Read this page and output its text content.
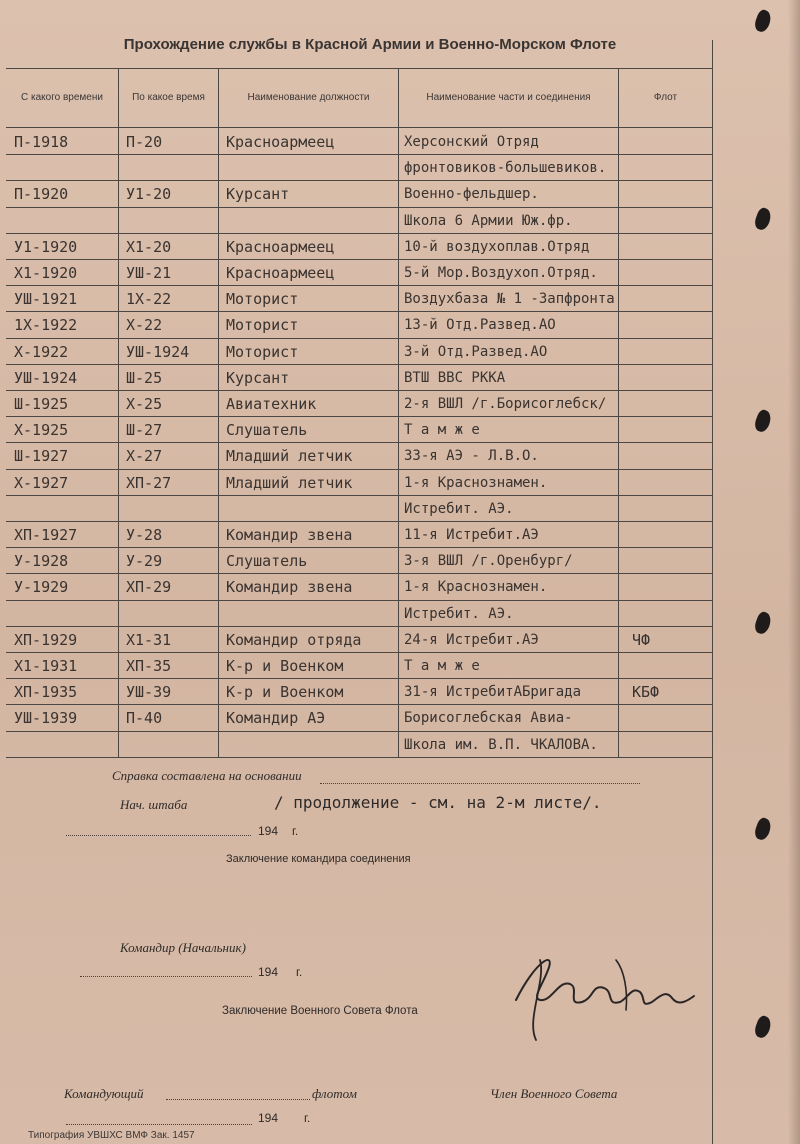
Прохождение службы в Красной Армии и Военно-Морском Флоте
С какого времени	По какое время	Наименование должности	Наименование части и соединения	Флот
П-1918	П-20	Красноармеец	Херсонский Отряд
фронтовиков-большевиков.
П-1920	У1-20	Курсант	Военно-фельдшер.
Школа 6 Армии Юж.фр.
У1-1920	Х1-20	Красноармеец	10-й воздухоплав.Отряд
Х1-1920	УШ-21	Красноармеец	5-й Мор.Воздухоп.Отряд.
УШ-1921	1Х-22	Моторист	Воздухбаза № 1 -Запфронта
1Х-1922	Х-22	Моторист	13-й Отд.Развед.АО
Х-1922	УШ-1924	Моторист	3-й Отд.Развед.АО
УШ-1924	Ш-25	Курсант	ВТШ ВВС РККА
Ш-1925	Х-25	Авиатехник	2-я ВШЛ /г.Борисоглебск/
Х-1925	Ш-27	Слушатель	Т а м ж е
Ш-1927	Х-27	Младший летчик	33-я АЭ - Л.В.О.
Х-1927	ХП-27	Младший летчик	1-я Краснознамен.
Истребит. АЭ.
ХП-1927	У-28	Командир звена	11-я Истребит.АЭ
У-1928	У-29	Слушатель	3-я ВШЛ /г.Оренбург/
У-1929	ХП-29	Командир звена	1-я Краснознамен.
Истребит. АЭ.
ХП-1929	Х1-31	Командир отряда	24-я Истребит.АЭ	ЧФ
Х1-1931	ХП-35	К-р и Военком	Т а м ж е
ХП-1935	УШ-39	К-р и Военком	31-я ИстребитАБригада	КБФ
УШ-1939	П-40	Командир АЭ	Борисоглебская Авиа-
Школа им. В.П. ЧКАЛОВА.
Справка составлена на основании
Нач. штаба	/ продолжение - см. на 2-м листе/.
194 г.
Заключение командира соединения
Командир (Начальник)
194 г.
Заключение Военного Совета Флота
Командующий	флотом	Член Военного Совета
194 г.
Типография УВШХС ВМФ Зак. 1457
